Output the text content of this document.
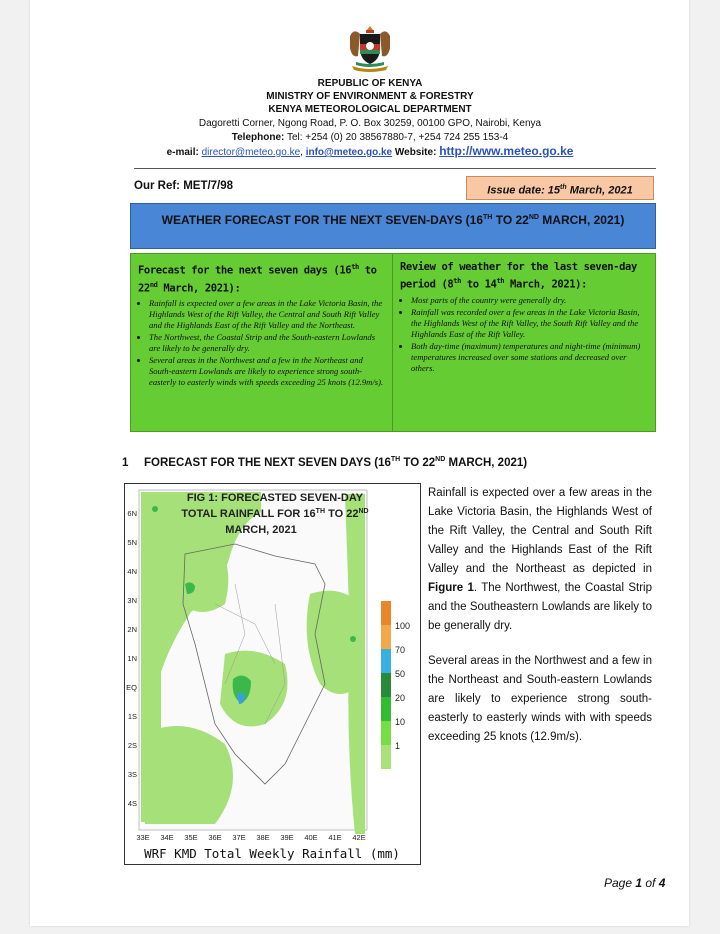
REPUBLIC OF KENYA
MINISTRY OF ENVIRONMENT & FORESTRY
KENYA METEOROLOGICAL DEPARTMENT
Dagoretti Corner, Ngong Road, P. O. Box 30259, 00100 GPO, Nairobi, Kenya
Telephone: Tel: +254 (0) 20 38567880-7, +254 724 255 153-4
e-mail: director@meteo.go.ke, info@meteo.go.ke Website: http://www.meteo.go.ke
Our Ref: MET/7/98	Issue date: 15th March, 2021
WEATHER FORECAST FOR THE NEXT SEVEN-DAYS (16TH TO 22ND MARCH, 2021)
Forecast for the next seven days (16th to 22nd March, 2021):
• Rainfall is expected over a few areas in the Lake Victoria Basin, the Highlands West of the Rift Valley, the Central and South Rift Valley and the Highlands East of the Rift Valley and the Northeast.
• The Northwest, the Coastal Strip and the South-eastern Lowlands are likely to be generally dry.
• Several areas in the Northwest and a few in the Northeast and South-eastern Lowlands are likely to experience strong south-easterly to easterly winds with speeds exceeding 25 knots (12.9m/s).
Review of weather for the last seven-day period (8th to 14th March, 2021):
• Most parts of the country were generally dry.
• Rainfall was recorded over a few areas in the Lake Victoria Basin, the Highlands West of the Rift Valley, the South Rift Valley and the Highlands East of the Rift Valley.
• Both day-time (maximum) temperatures and night-time (minimum) temperatures increased over some stations and decreased over others.
1 FORECAST FOR THE NEXT SEVEN DAYS (16TH TO 22ND MARCH, 2021)
FIG 1: FORECASTED SEVEN-DAY
TOTAL RAINFALL FOR 16TH TO 22ND
MARCH, 2021
6N
5N
4N
3N
2N
1N
EQ
1S
2S
3S
4S
33E 34E 35E 36E 37E 38E 39E 40E 41E 42E
100
70
50
20
10
1
WRF KMD Total Weekly Rainfall (mm)
Rainfall is expected over a few areas in the Lake Victoria Basin, the Highlands West of the Rift Valley, the Central and South Rift Valley and the Highlands East of the Rift Valley and the Northeast as depicted in Figure 1. The Northwest, the Coastal Strip and the Southeastern Lowlands are likely to be generally dry.
Several areas in the Northwest and a few in the Northeast and South-eastern Lowlands are likely to experience strong south-easterly to easterly winds with with speeds exceeding 25 knots (12.9m/s).
Page 1 of 4
